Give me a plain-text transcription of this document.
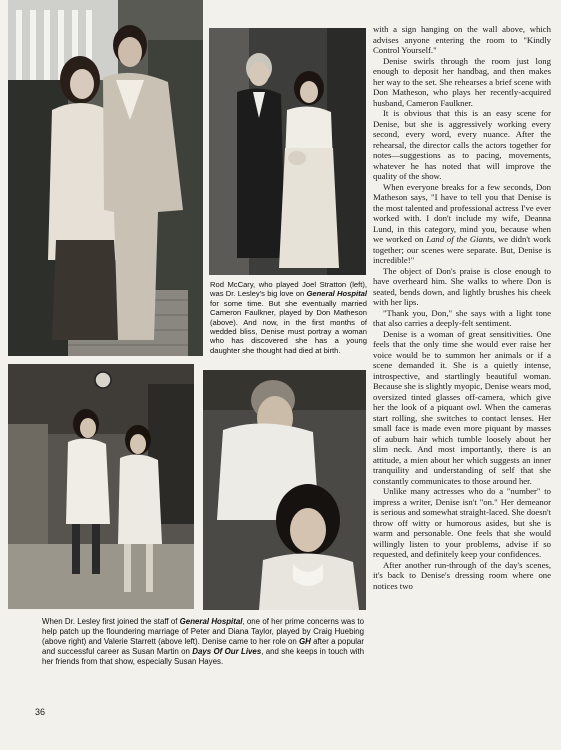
Rod McCary, who played Joel Stratton (left), was Dr. Lesley's big love on General Hospital for some time. But she eventually married Cameron Faulkner, played by Don Matheson (above). And now, in the first months of wedded bliss, Denise must portray a woman who has discovered she has a young daughter she thought had died at birth.

When Dr. Lesley first joined the staff of General Hospital, one of her prime concerns was to help patch up the floundering marriage of Peter and Diana Taylor, played by Craig Huebing (above right) and Valerie Starrett (above left). Denise came to her role on GH after a popular and successful career as Susan Martin on Days Of Our Lives, and she keeps in touch with her friends from that show, especially Susan Hayes.

with a sign hanging on the wall above, which advises anyone entering the room to "Kindly Control Yourself."

Denise swirls through the room just long enough to deposit her handbag, and then makes her way to the set. She rehearses a brief scene with Don Matheson, who plays her recently-acquired husband, Cameron Faulkner.

It is obvious that this is an easy scene for Denise, but she is aggressively working every second, every word, every nuance. After the rehearsal, the director calls the actors together for notes—suggestions as to pacing, movements, whatever he has noted that will improve the quality of the show.

When everyone breaks for a few seconds, Don Matheson says, "I have to tell you that Denise is the most talented and professional actress I've ever worked with. I don't include my wife, Deanna Lund, in this category, mind you, because when we worked on Land of the Giants, we didn't work together; our scenes were separate. But, Denise is incredible!"

The object of Don's praise is close enough to have overheard him. She walks to where Don is seated, bends down, and lightly brushes his cheek with her lips.

"Thank you, Don," she says with a light tone that also carries a deeply-felt sentiment.

Denise is a woman of great sensitivities. One feels that the only time she would ever raise her voice would be to summon her animals or if a scene demanded it. She is a quietly intense, introspective, and startlingly beautiful woman. Because she is slightly myopic, Denise wears mod, oversized tinted glasses off-camera, which give her the look of a piquant owl. When the cameras start rolling, she switches to contact lenses. Her small face is made even more piquant by masses of auburn hair which tumble loosely about her slim neck. And most importantly, there is an attitude, a mien about her which suggests an inner tranquility and understanding of self that she constantly communicates to those around her.

Unlike many actresses who do a "number" to impress a writer, Denise isn't "on." Her demeanor is serious and somewhat straight-laced. She doesn't throw off witty or humorous asides, but she is warm and personable. One feels that she would willingly listen to your problems, advise if so requested, and definitely keep your confidences.

After another run-through of the day's scenes, it's back to Denise's dressing room where one notices two

36
